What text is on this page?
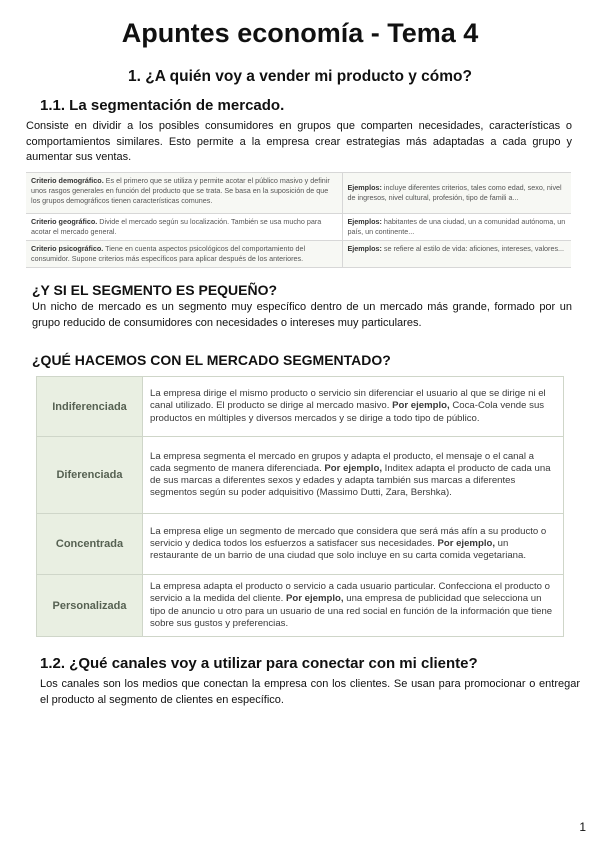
Apuntes economía - Tema 4
1. ¿A quién voy a vender mi producto y cómo?
1.1. La segmentación de mercado.
Consiste en dividir a los posibles consumidores en grupos que comparten necesidades, características o comportamientos similares. Esto permite a la empresa crear estrategias más adaptadas a cada grupo y aumentar sus ventas.
Criterio demográfico. Es el primero que se utiliza y permite acotar el público masivo y definir unos rasgos generales en función del producto que se trata. Se basa en la suposición de que los grupos demográficos tienen características comunes.	Ejemplos: incluye diferentes criterios, tales como edad, sexo, nivel de ingresos, nivel cultural, profesión, tipo de famili a...
Criterio geográfico. Divide el mercado según su localización. También se usa mucho para acotar el mercado general.	Ejemplos: habitantes de una ciudad, un a comunidad autónoma, un país, un continente...
Criterio psicográfico. Tiene en cuenta aspectos psicológicos del comportamiento del consumidor. Supone criterios más específicos para aplicar después de los anteriores.	Ejemplos: se refiere al estilo de vida: aficiones, intereses, valores...
¿Y SI EL SEGMENTO ES PEQUEÑO?
Un nicho de mercado es un segmento muy específico dentro de un mercado más grande, formado por un grupo reducido de consumidores con necesidades o intereses muy particulares.
¿QUÉ HACEMOS CON EL MERCADO SEGMENTADO?
Indiferenciada	La empresa dirige el mismo producto o servicio sin diferenciar el usuario al que se dirige ni el canal utilizado. El producto se dirige al mercado masivo. Por ejemplo, Coca-Cola vende sus productos en múltiples y diversos mercados y se dirige a todo tipo de público.
Diferenciada	La empresa segmenta el mercado en grupos y adapta el producto, el mensaje o el canal a cada segmento de manera diferenciada. Por ejemplo, Inditex adapta el producto de cada una de sus marcas a diferentes sexos y edades y adapta también sus marcas a diferentes segmentos según su poder adquisitivo (Massimo Dutti, Zara, Bershka).
Concentrada	La empresa elige un segmento de mercado que considera que será más afín a su producto o servicio y dedica todos los esfuerzos a satisfacer sus necesidades. Por ejemplo, un restaurante de un barrio de una ciudad que solo incluye en su carta comida vegetariana.
Personalizada	La empresa adapta el producto o servicio a cada usuario particular. Confecciona el producto o servicio a la medida del cliente. Por ejemplo, una empresa de publicidad que selecciona un tipo de anuncio u otro para un usuario de una red social en función de la información que tiene sobre sus gustos y preferencias.
1.2. ¿Qué canales voy a utilizar para conectar con mi cliente?
Los canales son los medios que conectan la empresa con los clientes. Se usan para promocionar o entregar el producto al segmento de clientes en específico.
1
